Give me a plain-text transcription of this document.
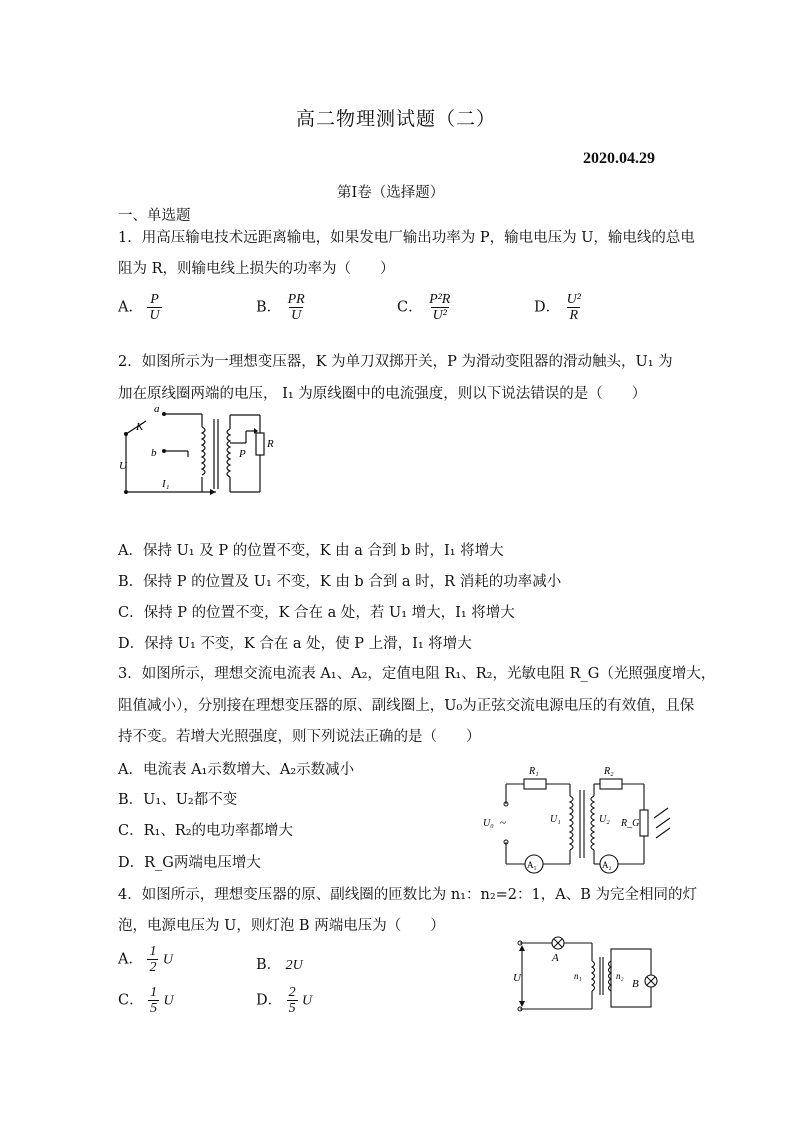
高二物理测试题（二）
2020.04.29
第Ⅰ卷（选择题）
一、单选题
1．用高压输电技术远距离输电，如果发电厂输出功率为 P，输电电压为 U，输电线的总电
阻为 R，则输电线上损失的功率为（　　）
A． $\frac{P}{U}$	B． $\frac{PR}{U}$	C． $\frac{\text{P²R}}{\text{U²}}$	D． $\frac{\text{U²}}{R}$
2．如图所示为一理想变压器，K 为单刀双掷开关，P 为滑动变阻器的滑动触头，U₁ 为
加在原线圈两端的电压， I₁ 为原线圈中的电流强度，则以下说法错误的是（　　）
a
b
K
U
I₁
P
R
A．保持 U₁ 及 P 的位置不变，K 由 a 合到 b 时，I₁ 将增大
B．保持 P 的位置及 U₁ 不变，K 由 b 合到 a 时，R 消耗的功率减小
C．保持 P 的位置不变，K 合在 a 处，若 U₁ 增大，I₁ 将增大
D．保持 U₁ 不变，K 合在 a 处，使 P 上滑，I₁ 将增大
3．如图所示，理想交流电流表 A₁、A₂，定值电阻 R₁、R₂，光敏电阻 R_G（光照强度增大，
阻值减小），分别接在理想变压器的原、副线圈上，U₀为正弦交流电源电压的有效值，且保
持不变。若增大光照强度，则下列说法正确的是（　　）
A．电流表 A₁示数增大、A₂示数减小
B．U₁、U₂都不变
C．R₁、R₂的电功率都增大
D．R_G两端电压增大
R₁	R₂
U₀ ~	U₁	U₂ R_G
A₁	A₂
4．如图所示，理想变压器的原、副线圈的匝数比为 n₁：n₂=2：1，A、B 为完全相同的灯
泡，电源电压为 U，则灯泡 B 两端电压为（　　）
A． $\frac{1}{2}$ U	B． 2U
C． $\frac{1}{5}$ U	D． $\frac{2}{5}$ U
U
A
n₁	n₂
B
